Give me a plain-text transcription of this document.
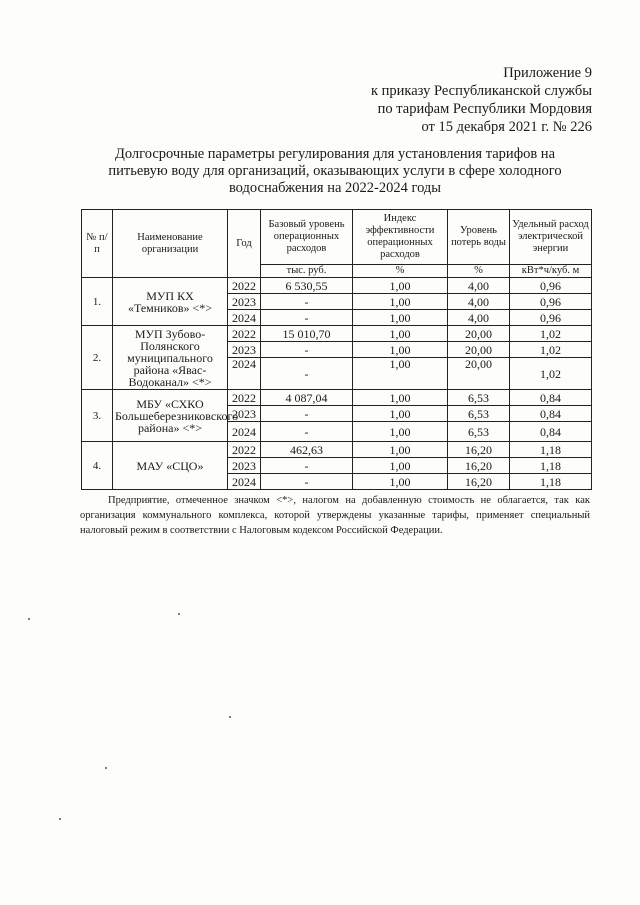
Приложение 9
к приказу Республиканской службы
по тарифам Республики Мордовия
от 15 декабря 2021 г. № 226
Долгосрочные параметры регулирования для установления тарифов на
питьевую воду для организаций, оказывающих услуги в сфере холодного
водоснабжения на 2022-2024 годы
№ п/п	Наименование организации	Год	Базовый уровень операционных расходов	Индекс эффективности операционных расходов	Уровень потерь воды	Удельный расход электрической энергии
			тыс. руб.	%	%	кВт*ч/куб. м
1.	МУП КХ «Темников» <*>	2022	6 530,55	1,00	4,00	0,96
		2023	-	1,00	4,00	0,96
		2024	-	1,00	4,00	0,96
2.	МУП Зубово-Полянского муниципального района «Явас-Водоканал» <*>	2022	15 010,70	1,00	20,00	1,02
		2023	-	1,00	20,00	1,02
		2024	-	1,00	20,00	1,02
3.	МБУ «СХКО Большеберезниковского района» <*>	2022	4 087,04	1,00	6,53	0,84
		2023	-	1,00	6,53	0,84
		2024	-	1,00	6,53	0,84
4.	МАУ «СЦО»	2022	462,63	1,00	16,20	1,18
		2023	-	1,00	16,20	1,18
		2024	-	1,00	16,20	1,18
Предприятие, отмеченное значком <*>, налогом на добавленную стоимость не облагается, так как организация коммунального комплекса, которой утверждены указанные тарифы, применяет специальный налоговый режим в соответствии с Налоговым кодексом Российской Федерации.
